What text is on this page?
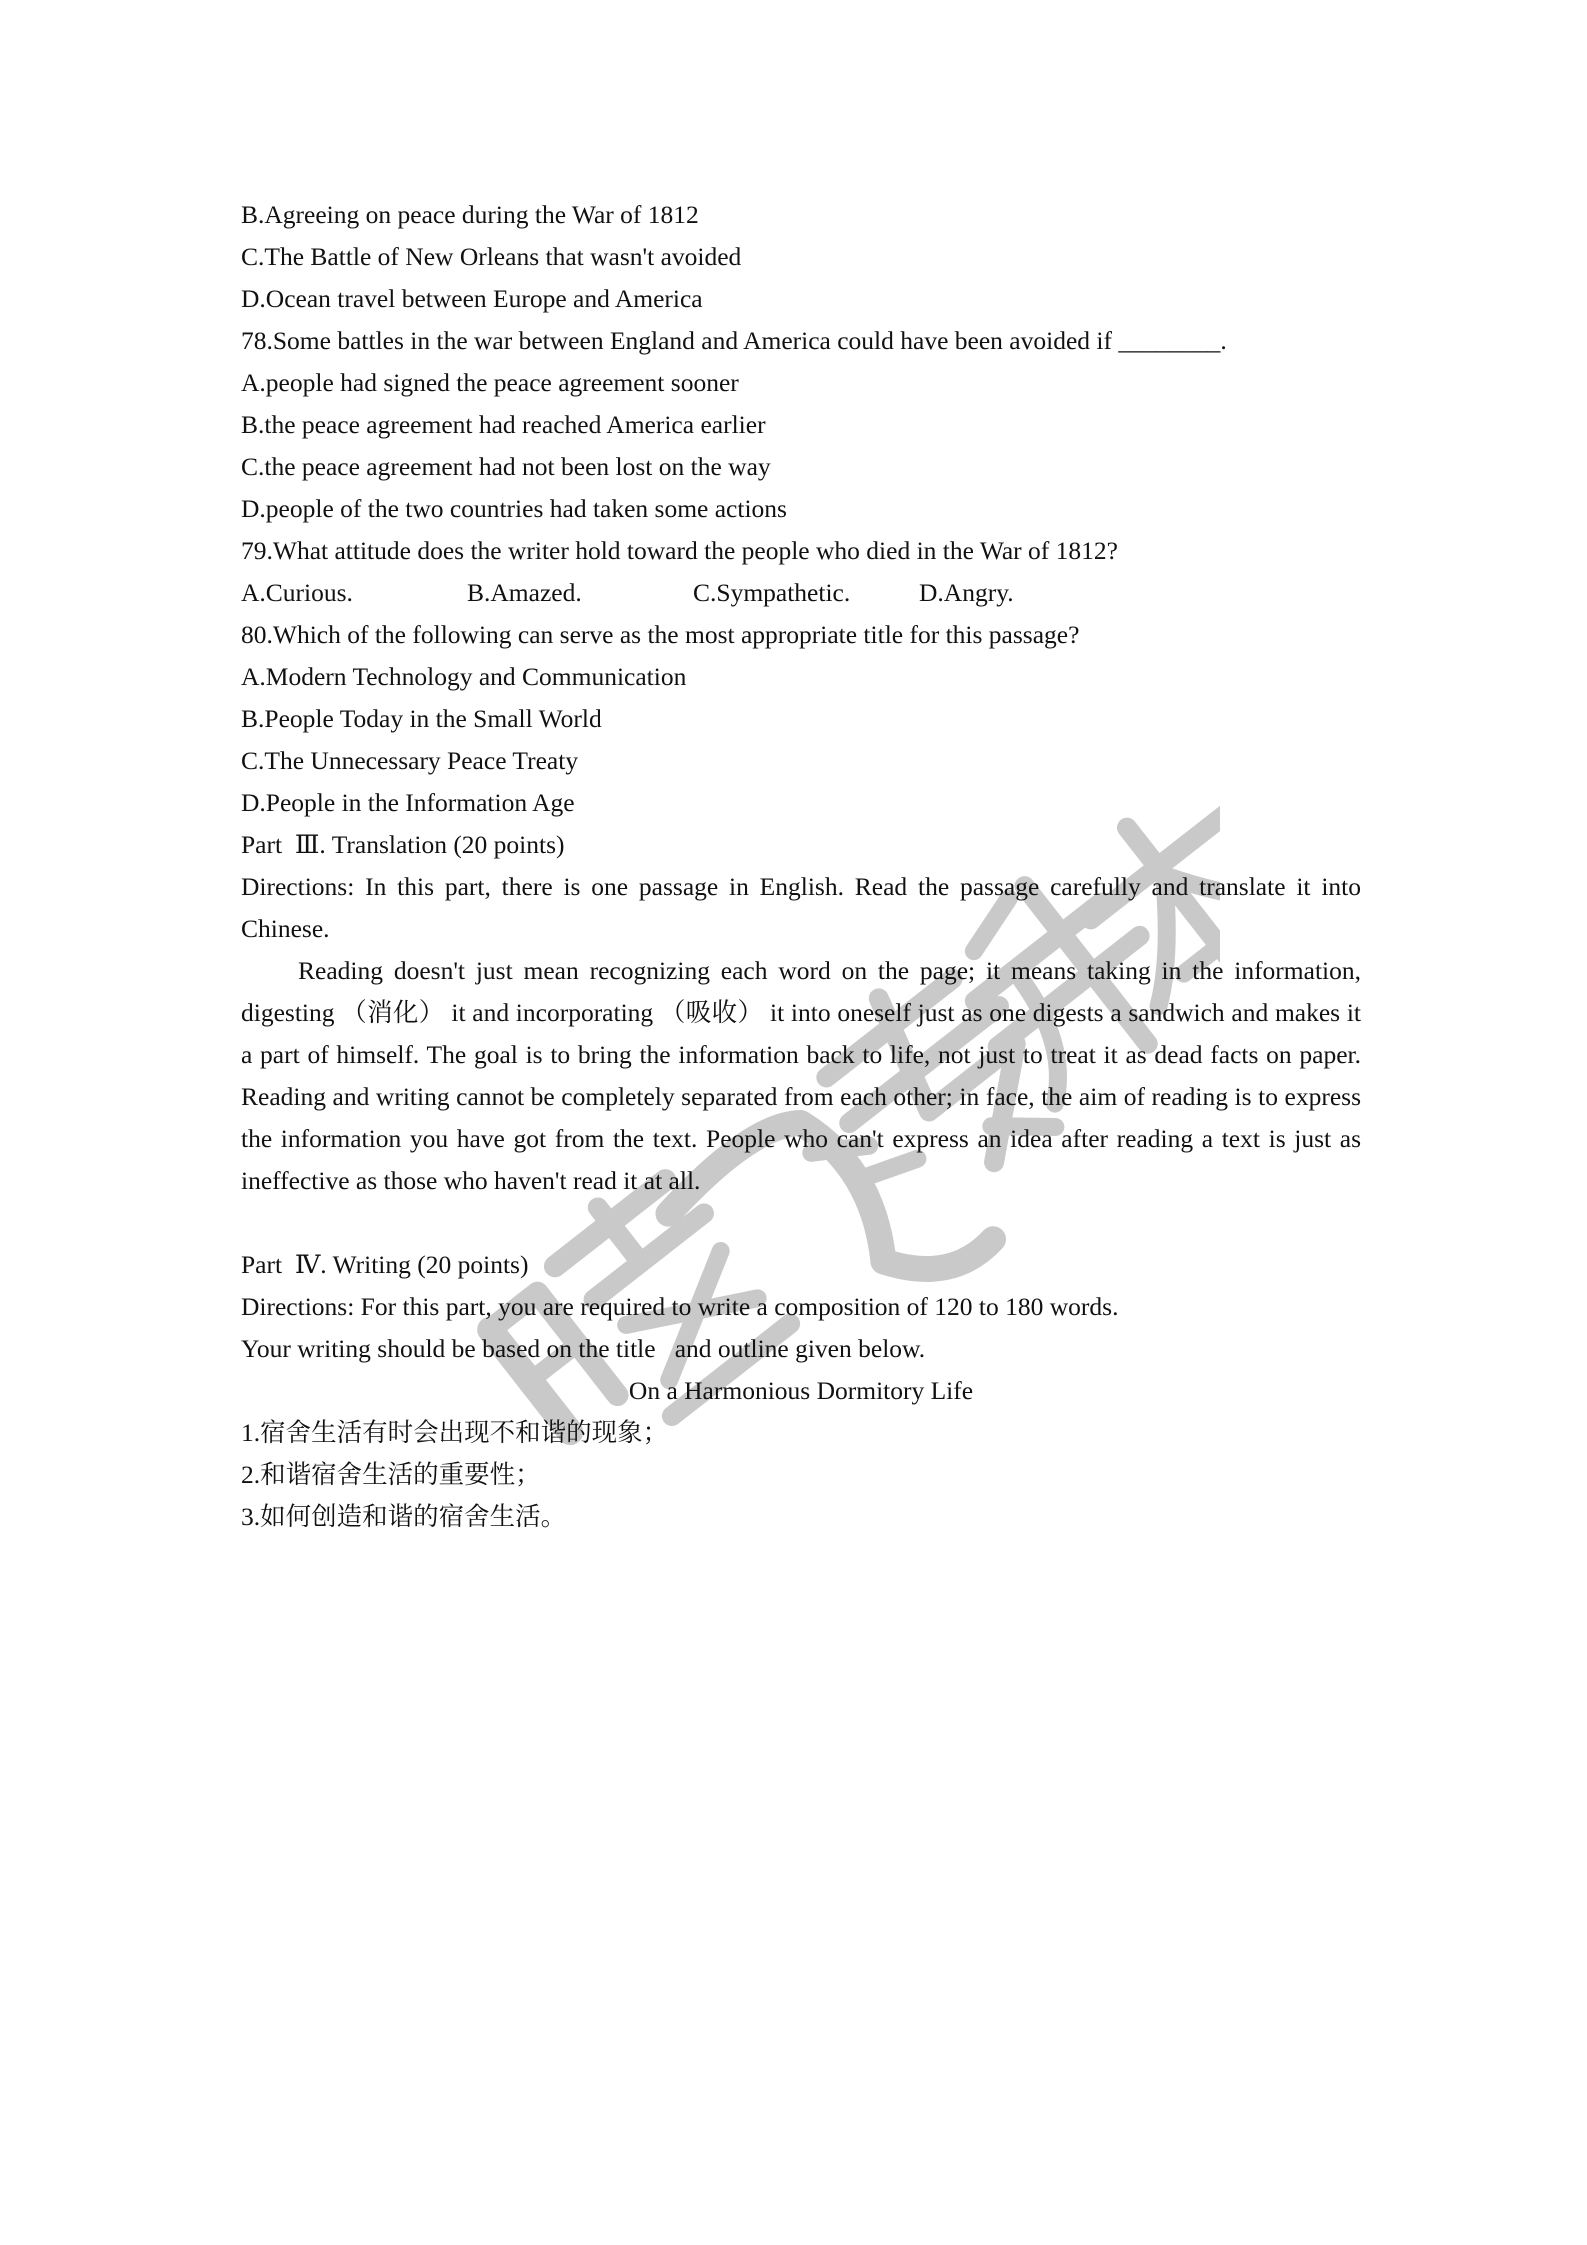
B.Agreeing on peace during the War of 1812
C.The Battle of New Orleans that wasn't avoided
D.Ocean travel between Europe and America
78.Some battles in the war between England and America could have been avoided if ________.
A.people had signed the peace agreement sooner
B.the peace agreement had reached America earlier
C.the peace agreement had not been lost on the way
D.people of the two countries had taken some actions
79.What attitude does the writer hold toward the people who died in the War of 1812?
A.Curious.	B.Amazed.	C.Sympathetic.	D.Angry.
80.Which of the following can serve as the most appropriate title for this passage?
A.Modern Technology and Communication
B.People Today in the Small World
C.The Unnecessary Peace Treaty
D.People in the Information Age
Part  Ⅲ. Translation (20 points)
Directions: In this part, there is one passage in English. Read the passage carefully and translate it into Chinese.
Reading doesn't just mean recognizing each word on the page; it means taking in the information, digesting （消化） it and incorporating （吸收） it into oneself just as one digests a sandwich and makes it a part of himself. The goal is to bring the information back to life, not just to treat it as dead facts on paper. Reading and writing cannot be completely separated from each other; in face, the aim of reading is to express the information you have got from the text. People who can't express an idea after reading a text is just as ineffective as those who haven't read it at all.
Part  Ⅳ. Writing (20 points)
Directions: For this part, you are required to write a composition of 120 to 180 words.
Your writing should be based on the title   and outline given below.
On a Harmonious Dormitory Life
1.宿舍生活有时会出现不和谐的现象；
2.和谐宿舍生活的重要性；
3.如何创造和谐的宿舍生活。
